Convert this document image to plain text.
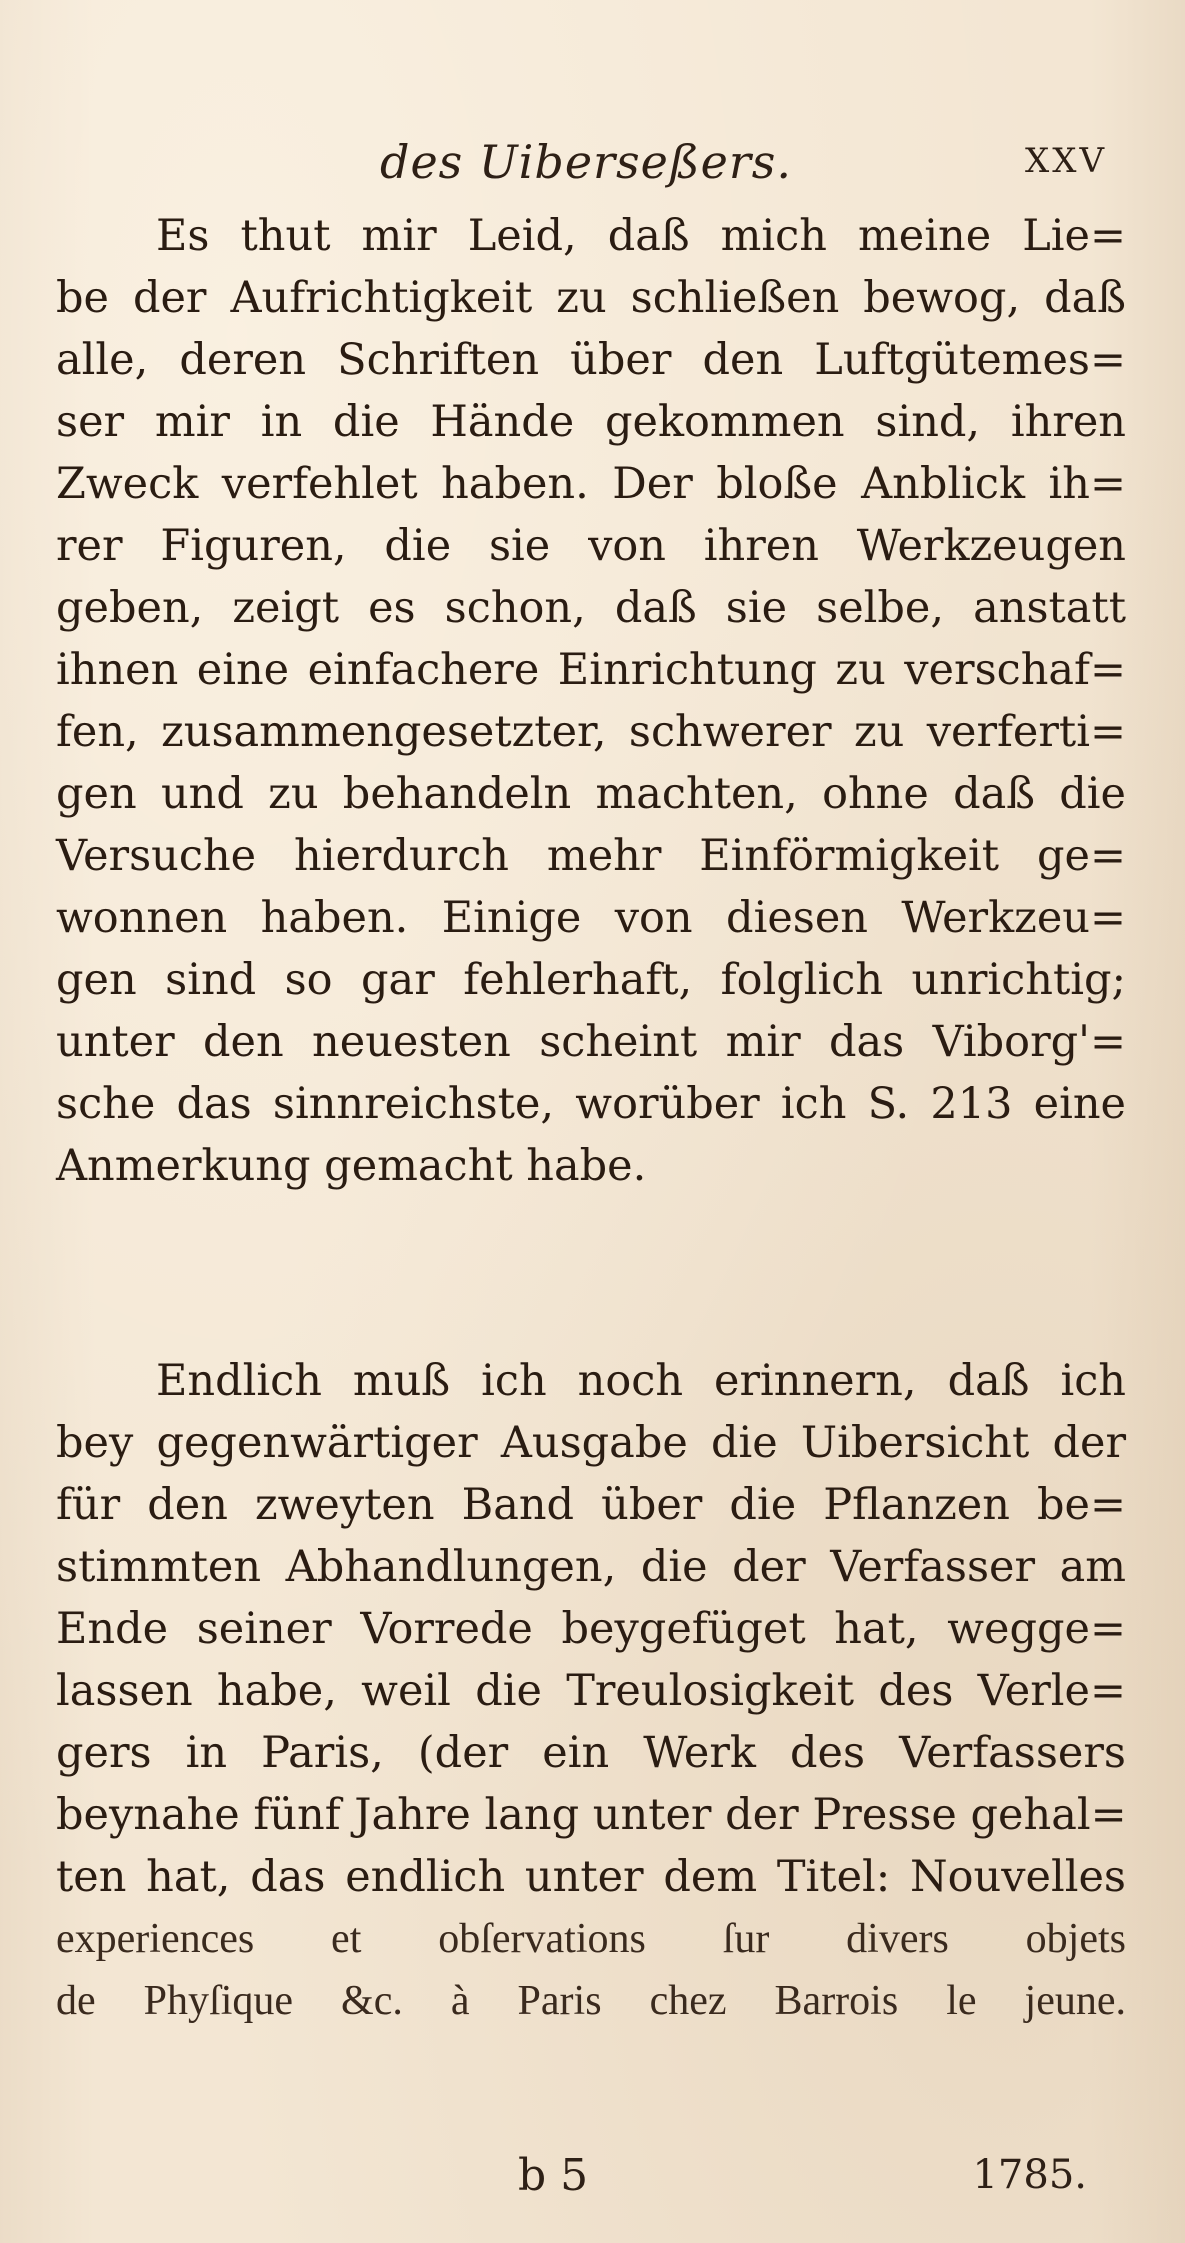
des Uiberseßers.	XXV
Es thut mir Leid, daß mich meine Lie=
be der Aufrichtigkeit zu schließen bewog, daß
alle, deren Schriften über den Luftgütemes=
ser mir in die Hände gekommen sind, ihren
Zweck verfehlet haben. Der bloße Anblick ih=
rer Figuren, die sie von ihren Werkzeugen
geben, zeigt es schon, daß sie selbe, anstatt
ihnen eine einfachere Einrichtung zu verschaf=
fen, zusammengesetzter, schwerer zu verferti=
gen und zu behandeln machten, ohne daß die
Versuche hierdurch mehr Einförmigkeit ge=
wonnen haben. Einige von diesen Werkzeu=
gen sind so gar fehlerhaft, folglich unrichtig;
unter den neuesten scheint mir das Viborg'=
sche das sinnreichste, worüber ich S. 213 eine
Anmerkung gemacht habe.
Endlich muß ich noch erinnern, daß ich
bey gegenwärtiger Ausgabe die Uibersicht der
für den zweyten Band über die Pflanzen be=
stimmten Abhandlungen, die der Verfasser am
Ende seiner Vorrede beygefüget hat, wegge=
lassen habe, weil die Treulosigkeit des Verle=
gers in Paris, (der ein Werk des Verfassers
beynahe fünf Jahre lang unter der Presse gehal=
ten hat, das endlich unter dem Titel: Nouvelles
experiences et obſervations ſur divers objets
de Phyſique &c. à Paris chez Barrois le jeune.
b 5	1785.
